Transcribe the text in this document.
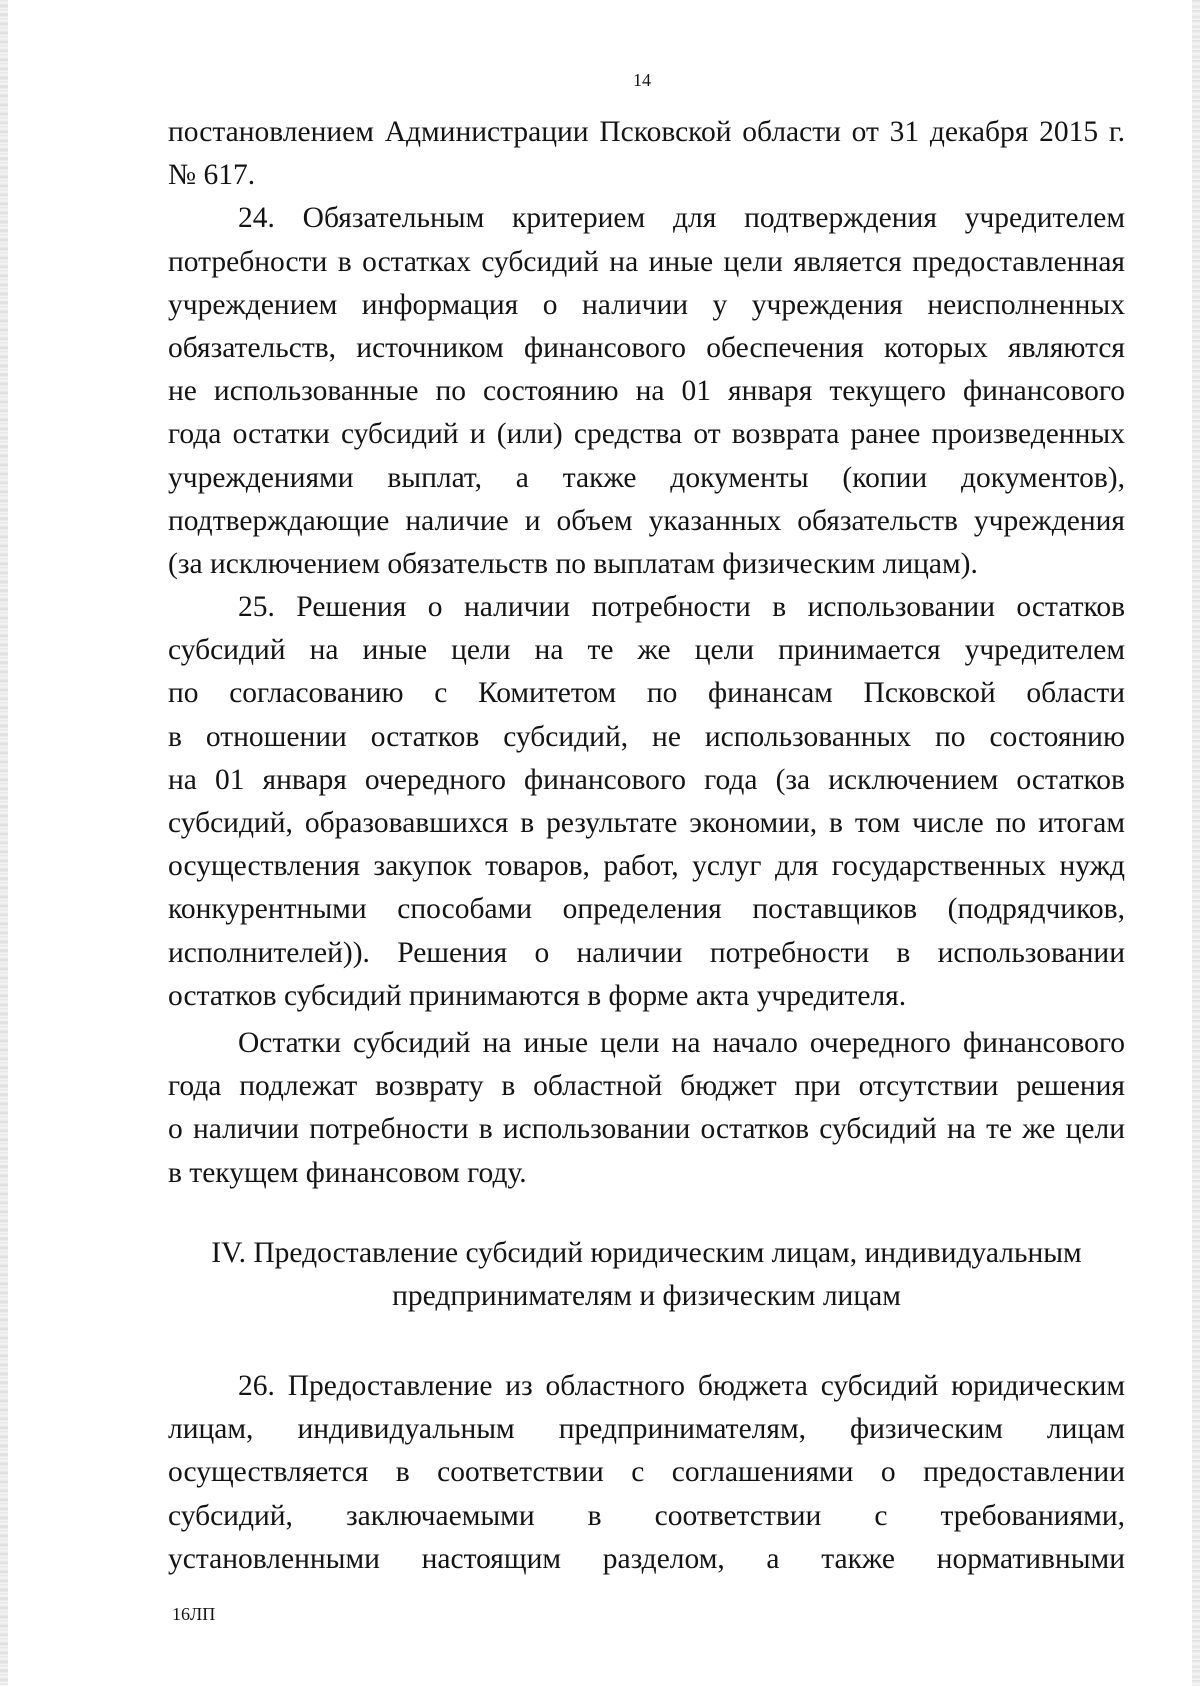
14
постановлением Администрации Псковской области от 31 декабря 2015 г.
№ 617.
24. Обязательным критерием для подтверждения учредителем
потребности в остатках субсидий на иные цели является предоставленная
учреждением информация о наличии у учреждения неисполненных
обязательств, источником финансового обеспечения которых являются
не использованные по состоянию на 01 января текущего финансового
года остатки субсидий и (или) средства от возврата ранее произведенных
учреждениями выплат, а также документы (копии документов),
подтверждающие наличие и объем указанных обязательств учреждения
(за исключением обязательств по выплатам физическим лицам).
25. Решения о наличии потребности в использовании остатков
субсидий на иные цели на те же цели принимается учредителем
по согласованию с Комитетом по финансам Псковской области
в отношении остатков субсидий, не использованных по состоянию
на 01 января очередного финансового года (за исключением остатков
субсидий, образовавшихся в результате экономии, в том числе по итогам
осуществления закупок товаров, работ, услуг для государственных нужд
конкурентными способами определения поставщиков (подрядчиков,
исполнителей)). Решения о наличии потребности в использовании
остатков субсидий принимаются в форме акта учредителя.
Остатки субсидий на иные цели на начало очередного финансового
года подлежат возврату в областной бюджет при отсутствии решения
о наличии потребности в использовании остатков субсидий на те же цели
в текущем финансовом году.
IV. Предоставление субсидий юридическим лицам, индивидуальным
предпринимателям и физическим лицам
26. Предоставление из областного бюджета субсидий юридическим
лицам, индивидуальным предпринимателям, физическим лицам
осуществляется в соответствии с соглашениями о предоставлении
субсидий, заключаемыми в соответствии с требованиями,
установленными настоящим разделом, а также нормативными
16ЛП
